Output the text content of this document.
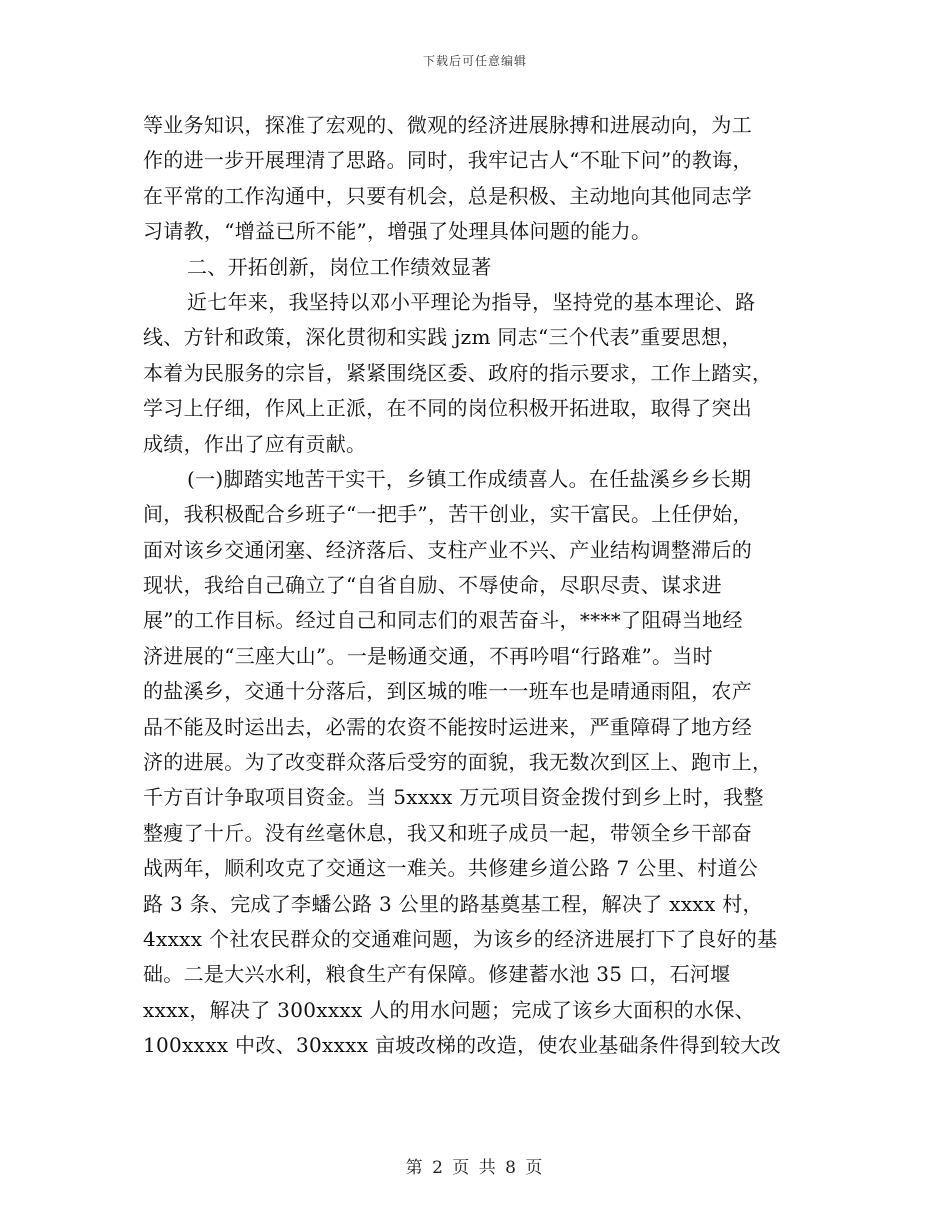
下载后可任意编辑
等业务知识，探准了宏观的、微观的经济进展脉搏和进展动向，为工
作的进一步开展理清了思路。同时，我牢记古人“不耻下问”的教诲，
在平常的工作沟通中，只要有机会，总是积极、主动地向其他同志学
习请教，“增益已所不能”，增强了处理具体问题的能力。
二、开拓创新，岗位工作绩效显著
近七年来，我坚持以邓小平理论为指导，坚持党的基本理论、路
线、方针和政策，深化贯彻和实践 jzm 同志“三个代表”重要思想，
本着为民服务的宗旨，紧紧围绕区委、政府的指示要求，工作上踏实，
学习上仔细，作风上正派，在不同的岗位积极开拓进取，取得了突出
成绩，作出了应有贡献。
(一)脚踏实地苦干实干，乡镇工作成绩喜人。在任盐溪乡乡长期
间，我积极配合乡班子“一把手”，苦干创业，实干富民。上任伊始，
面对该乡交通闭塞、经济落后、支柱产业不兴、产业结构调整滞后的
现状，我给自己确立了“自省自励、不辱使命，尽职尽责、谋求进
展”的工作目标。经过自己和同志们的艰苦奋斗，****了阻碍当地经
济进展的“三座大山”。一是畅通交通，不再吟唱“行路难”。当时
的盐溪乡，交通十分落后，到区城的唯一一班车也是晴通雨阻，农产
品不能及时运出去，必需的农资不能按时运进来，严重障碍了地方经
济的进展。为了改变群众落后受穷的面貌，我无数次到区上、跑市上，
千方百计争取项目资金。当 5xxxx 万元项目资金拨付到乡上时，我整
整瘦了十斤。没有丝毫休息，我又和班子成员一起，带领全乡干部奋
战两年，顺利攻克了交通这一难关。共修建乡道公路 7 公里、村道公
路 3 条、完成了李蟠公路 3 公里的路基奠基工程，解决了 xxxx 村，
4xxxx 个社农民群众的交通难问题，为该乡的经济进展打下了良好的基
础。二是大兴水利，粮食生产有保障。修建蓄水池 35 口，石河堰
xxxx，解决了 300xxxx 人的用水问题；完成了该乡大面积的水保、
100xxxx 中改、30xxxx 亩坡改梯的改造，使农业基础条件得到较大改
第 2 页 共 8 页
